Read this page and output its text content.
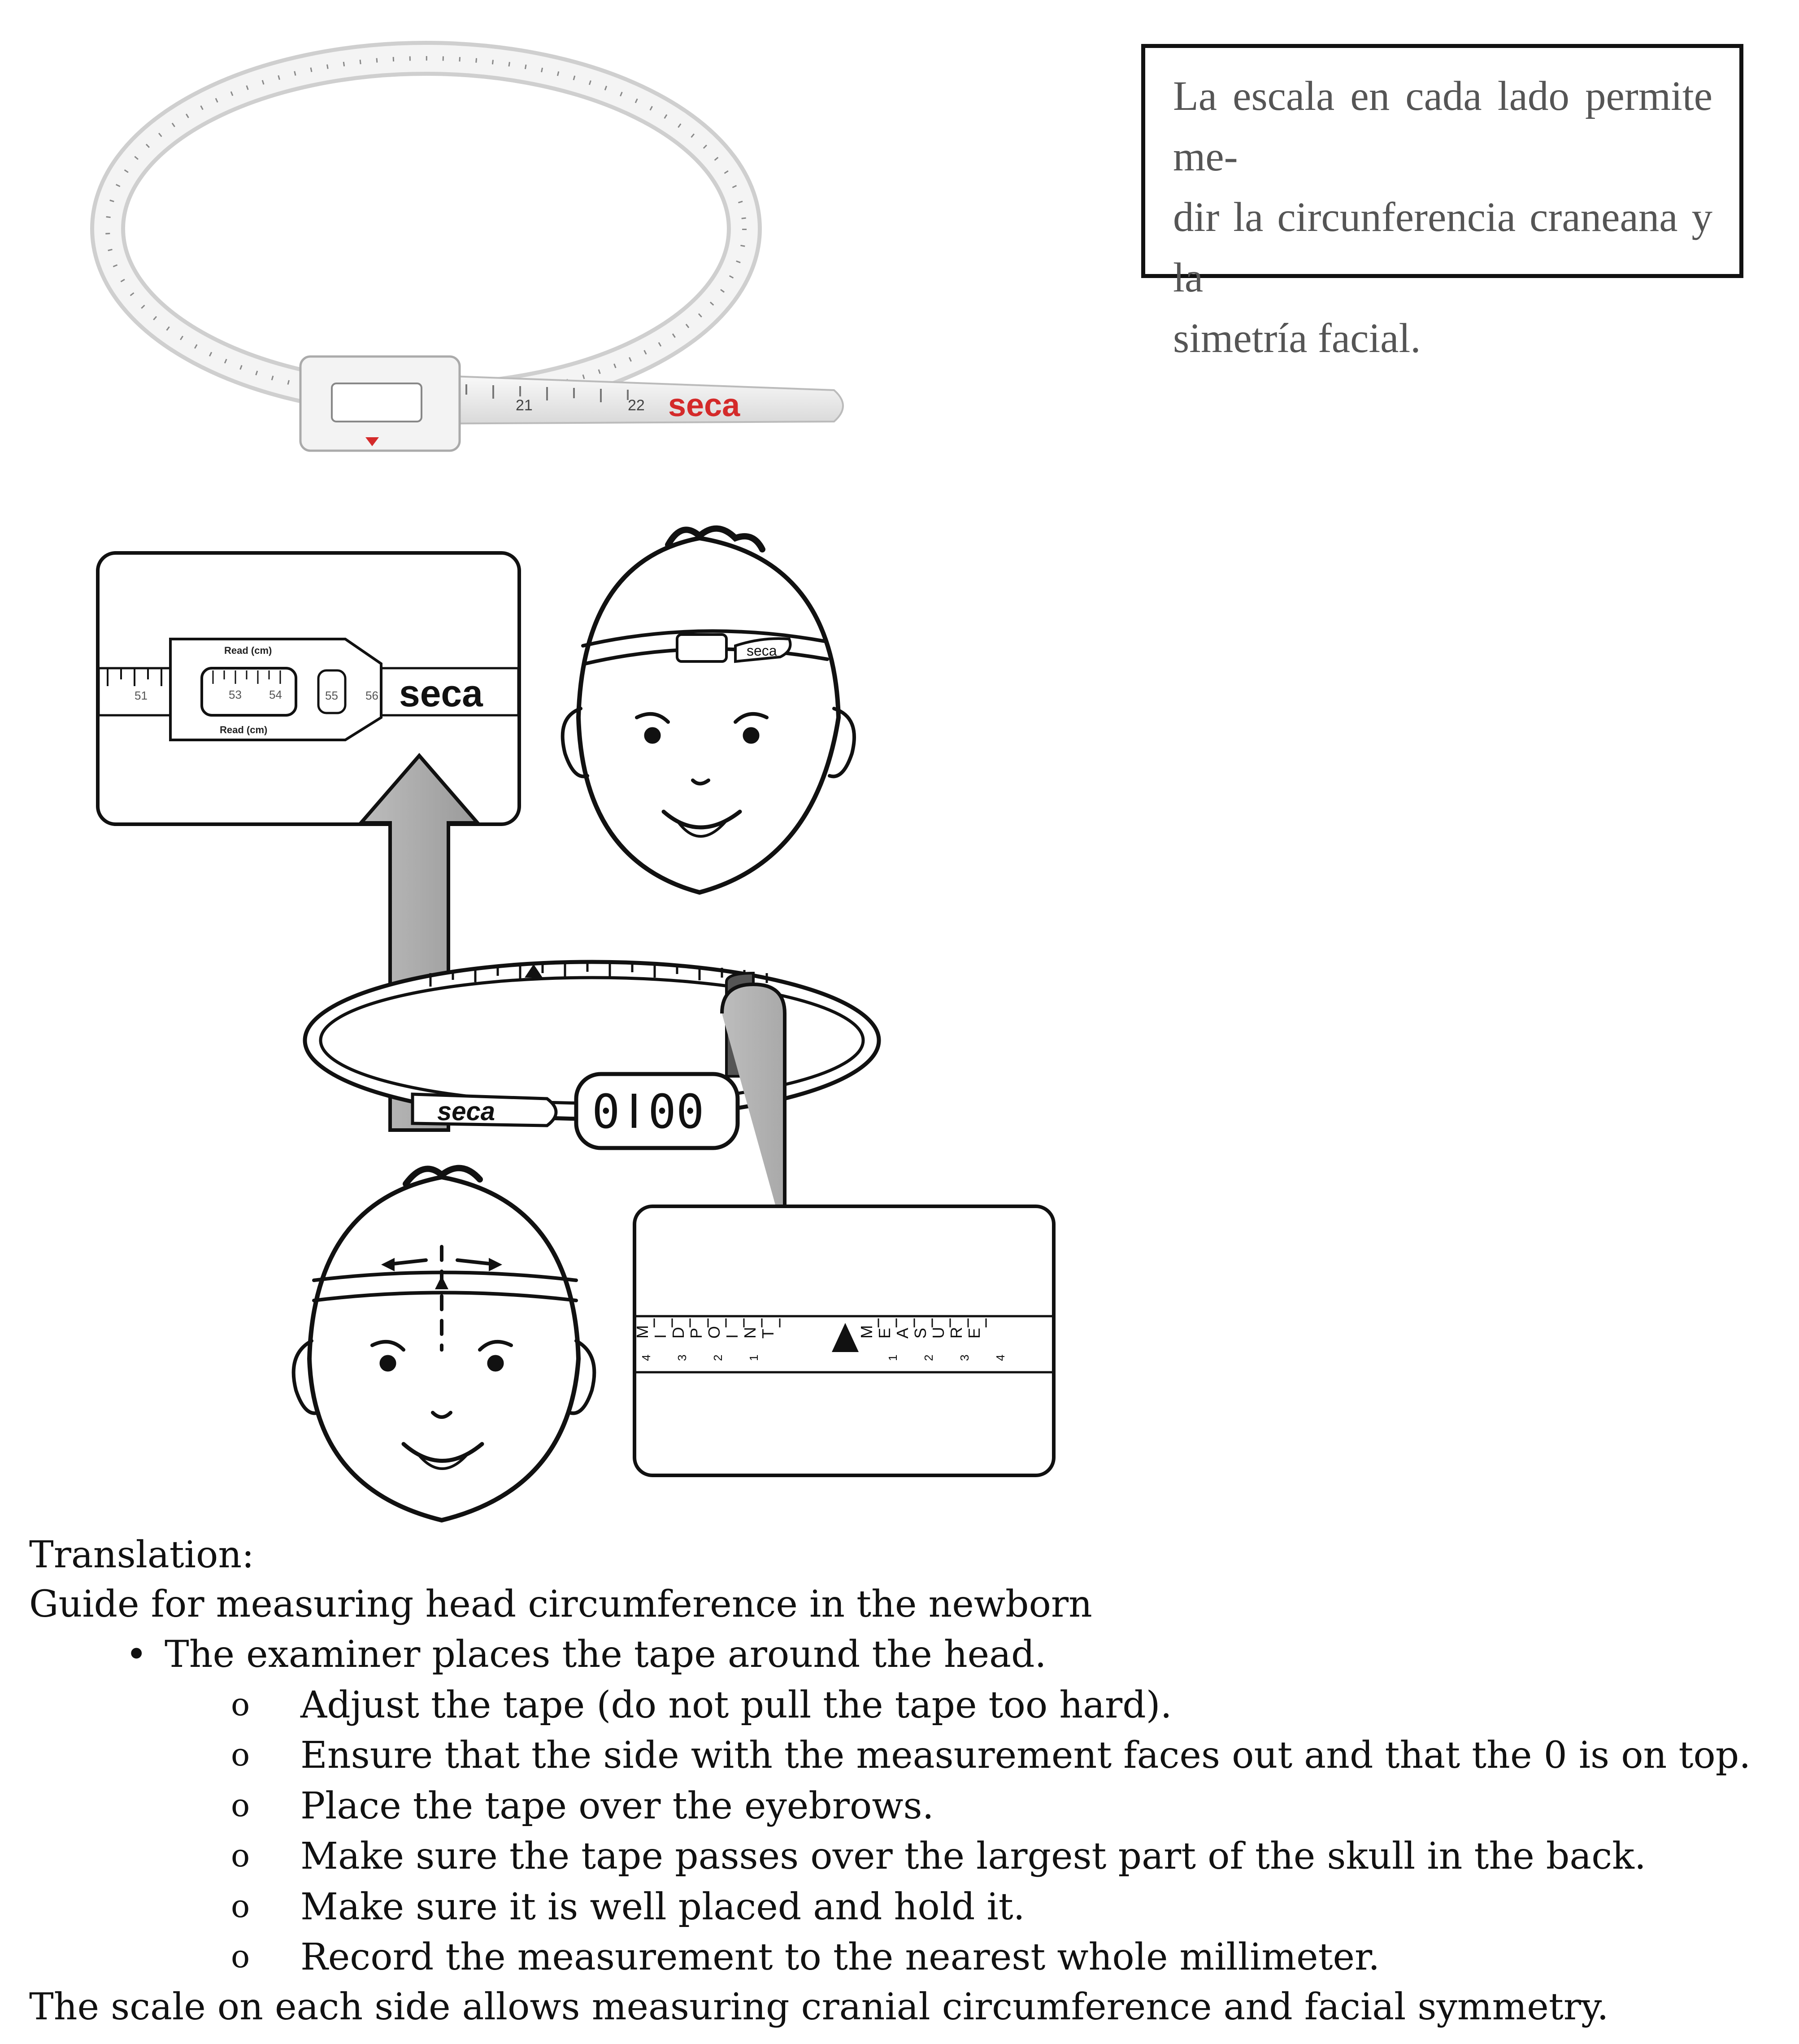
La escala en cada lado permite me-

dir la circunferencia craneana y la

simetría facial.

21	22 seca
51
Read (cm)
Read (cm)
53 54	55 56 seca
seca
seca 0ǀ00
M I D P O I N T	M E A S U R E
4 3 2 1	1 2 3 4
Translation:
Guide for measuring head circumference in the newborn
• The examiner places the tape around the head.
o Adjust the tape (do not pull the tape too hard).
o Ensure that the side with the measurement faces out and that the 0 is on top.
o Place the tape over the eyebrows.
o Make sure the tape passes over the largest part of the skull in the back.
o Make sure it is well placed and hold it.
o Record the measurement to the nearest whole millimeter.
The scale on each side allows measuring cranial circumference and facial symmetry.
